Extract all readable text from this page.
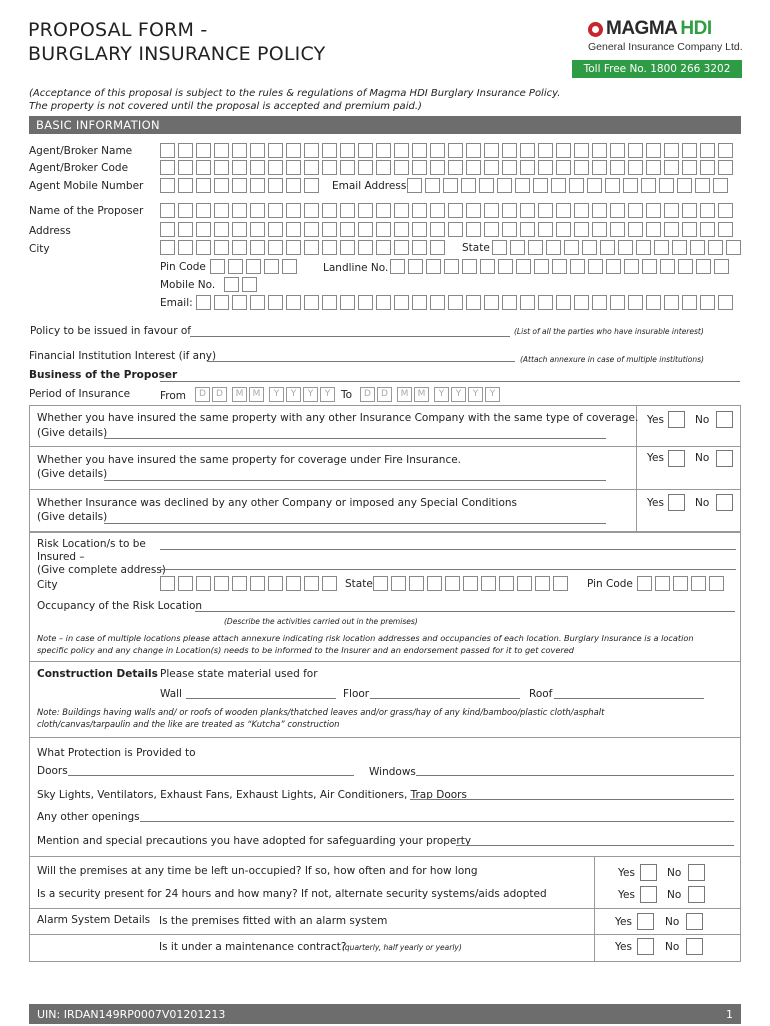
PROPOSAL FORM -
BURGLARY INSURANCE POLICY
MAGMA HDI
General Insurance Company Ltd.
Toll Free No. 1800 266 3202
(Acceptance of this proposal is subject to the rules & regulations of Magma HDI Burglary Insurance Policy.
The property is not covered until the proposal is accepted and premium paid.)
BASIC INFORMATION
Agent/Broker Name
Agent/Broker Code
Agent Mobile Number	Email Address
Name of the Proposer
Address
City	State
Pin Code	Landline No.
Mobile No.
Email:
Policy to be issued in favour of	(List of all the parties who have insurable interest)
Financial Institution Interest (if any)	(Attach annexure in case of multiple institutions)
Business of the Proposer
Period of Insurance	From	D	D	M	M	Y	Y	Y	Y	To	D	D	M	M	Y	Y	Y	Y
Whether you have insured the same property with any other Insurance Company with the same type of coverage.
(Give details)
Yes	No
Whether you have insured the same property for coverage under Fire Insurance.
(Give details)
Yes	No
Whether Insurance was declined by any other Company or imposed any Special Conditions
(Give details)
Yes	No
Risk Location/s to be
Insured –
(Give complete address)
City	State	Pin Code
Occupancy of the Risk Location
(Describe the activities carried out in the premises)
Note – in case of multiple locations please attach annexure indicating risk location addresses and occupancies of each location. Burglary Insurance is a location
specific policy and any change in Location(s) needs to be informed to the Insurer and an endorsement passed for it to get covered
Construction Details Please state material used for
Wall	Floor	Roof
Note: Buildings having walls and/ or roofs of wooden planks/thatched leaves and/or grass/hay of any kind/bamboo/plastic cloth/asphalt
cloth/canvas/tarpaulin and the like are treated as “Kutcha” construction
What Protection is Provided to
Doors	Windows
Sky Lights, Ventilators, Exhaust Fans, Exhaust Lights, Air Conditioners, Trap Doors
Any other openings
Mention and special precautions you have adopted for safeguarding your property
Will the premises at any time be left un-occupied? If so, how often and for how long	Yes	No
Is a security present for 24 hours and how many? If not, alternate security systems/aids adopted	Yes	No
Alarm System Details Is the premises fitted with an alarm system	Yes	No
Is it under a maintenance contract?
(quarterly, half yearly or yearly)	Yes	No
UIN: IRDAN149RP0007V01201213	1
